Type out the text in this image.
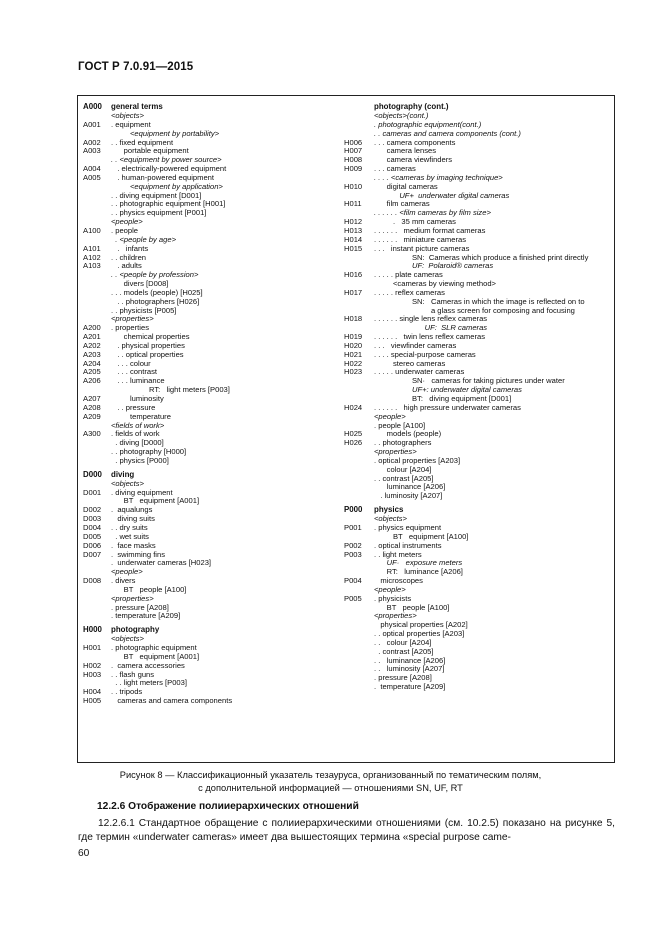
ГОСТ Р 7.0.91—2015
A000	general terms
<objects>
A001	. equipment
<equipment by portability>
A002	. . fixed equipment
A003	portable equipment
. . <equipment by power source>
A004	. electrically-powered equipment
A005	. human-powered equipment
<equipment by application>
. . diving equipment [D001]
. . photographic equipment [H001]
. . physics equipment [P001]
<people>
A100	. people
. <people by age>
A101	.   infants
A102	. . children
A103	. adults
. . <people by profession>
divers [D008]
. . . models (people) [H025]
. . photographers [H026]
. . physicists [P005]
<properties>
A200	. properties
A201	chemical properties
A202	. physical properties
A203	. . optical properties
A204	. . . colour
A205	. . . contrast
A206	. . . luminance
RT:   light meters [P003]
A207	luminosity
A208	. . pressure
A209	temperature
<fields of work>
A300	. fields of work
. diving [D000]
. . photography [H000]
. physics [P000]
D000	diving
<objects>
D001	. diving equipment
BT   equipment [A001]
D002	.  aqualungs
D003	diving suits
D004	. . dry suits
D005	. wet suits
D006	.  face masks
D007	.  swimming fins
.  underwater cameras [H023]
<people>
D008	. divers
BT   people [A100]
<properties>
. pressure [A208]
. temperature [A209]
H000	photography
<objects>
H001	. photographic equipment
BT   equipment [A001]
H002	.  camera accessories
H003	. . flash guns
. . light meters [P003]
H004	. . tripods
H005	cameras and camera components
photography (cont.)
<objects>(cont.)
. photographic equipment(cont.)
. . cameras and camera components (cont.)
H006	. . . camera components
H007	camera lenses
H008	camera viewfinders
H009	. . . cameras
. . . . <cameras by imaging technique>
H010	digital cameras
UF+  underwater digital cameras
H011	film cameras
. . . . . . <film cameras by film size>
H012	.   35 mm cameras
H013	. . . . . .   medium format cameras
H014	. . . . . .   miniature cameras
H015	. . .   instant picture cameras
SN:  Cameras which produce a finished print directly
UF:  Polaroid® cameras
H016	. . . . . plate cameras
<cameras by viewing method>
H017	. . . . . reflex cameras
SN:   Cameras in which the image is reflected on to
a glass screen for composing and focusing
H018	. . . . . . single lens reflex cameras
UF:  SLR cameras
H019	. . . . . .   twin lens reflex cameras
H020	. . .   viewfinder cameras
H021	. . . . special-purpose cameras
H022	stereo cameras
H023	. . . . . underwater cameras
SN·   cameras for taking pictures under water
UF+: underwater digital cameras
BT:   diving equipment [D001]
H024	. . . . . .   high pressure underwater cameras
<people>
. people [A100]
H025	models (people)
H026	. . photographers
<properties>
. optical properties [A203]
colour [A204]
. . contrast [A205]
luminance [A206]
. luminosity [A207]
P000	physics
<objects>
P001	. physics equipment
BT   equipment [A100]
P002	. optical instruments
P003	. . light meters
UF·   exposure meters
RT:   luminance [A206]
P004	microscopes
<people>
P005	. physicists
BT   people [A100]
<properties>
physical properties [A202]
. . optical properties [A203]
. .   colour [A204]
. contrast [A205]
. .   luminance [A206]
. .   luminosity [A207]
. pressure [A208]
.  temperature [A209]
Рисунок 8 — Классификационный указатель тезауруса, организованный по тематическим полям,
с дополнительной информацией — отношениями SN, UF, RT
12.2.6 Отображение полииерархических отношений
12.2.6.1 Стандартное обращение с полииерархическими отношениями (см. 10.2.5) показано на рисунке 5, где термин «underwater cameras» имеет два вышестоящих термина «special purpose came-
60
